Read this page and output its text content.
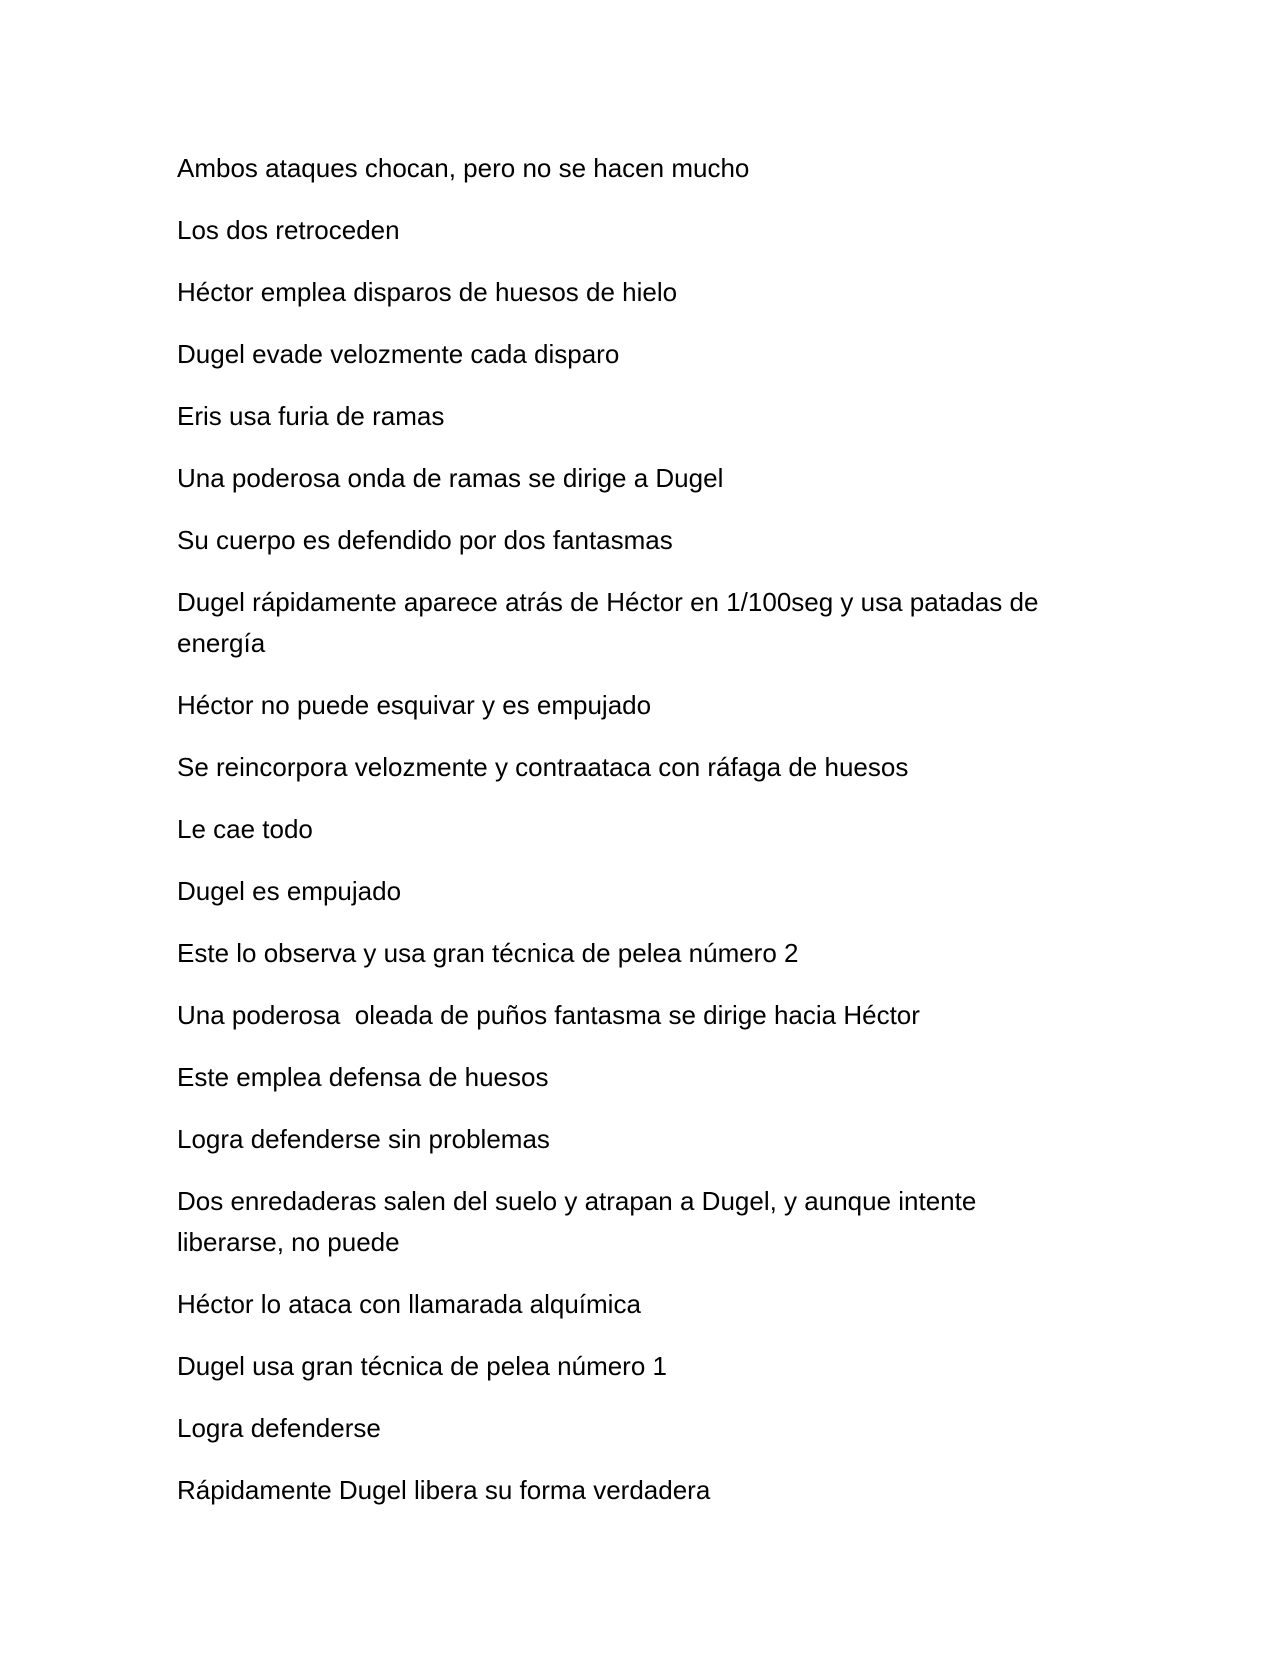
Ambos ataques chocan, pero no se hacen mucho

Los dos retroceden

Héctor emplea disparos de huesos de hielo

Dugel evade velozmente cada disparo

Eris usa furia de ramas

Una poderosa onda de ramas se dirige a Dugel

Su cuerpo es defendido por dos fantasmas

Dugel rápidamente aparece atrás de Héctor en 1/100seg y usa patadas de energía

Héctor no puede esquivar y es empujado

Se reincorpora velozmente y contraataca con ráfaga de huesos

Le cae todo

Dugel es empujado

Este lo observa y usa gran técnica de pelea número 2

Una poderosa  oleada de puños fantasma se dirige hacia Héctor

Este emplea defensa de huesos

Logra defenderse sin problemas

Dos enredaderas salen del suelo y atrapan a Dugel, y aunque intente liberarse, no puede

Héctor lo ataca con llamarada alquímica

Dugel usa gran técnica de pelea número 1

Logra defenderse

Rápidamente Dugel libera su forma verdadera
